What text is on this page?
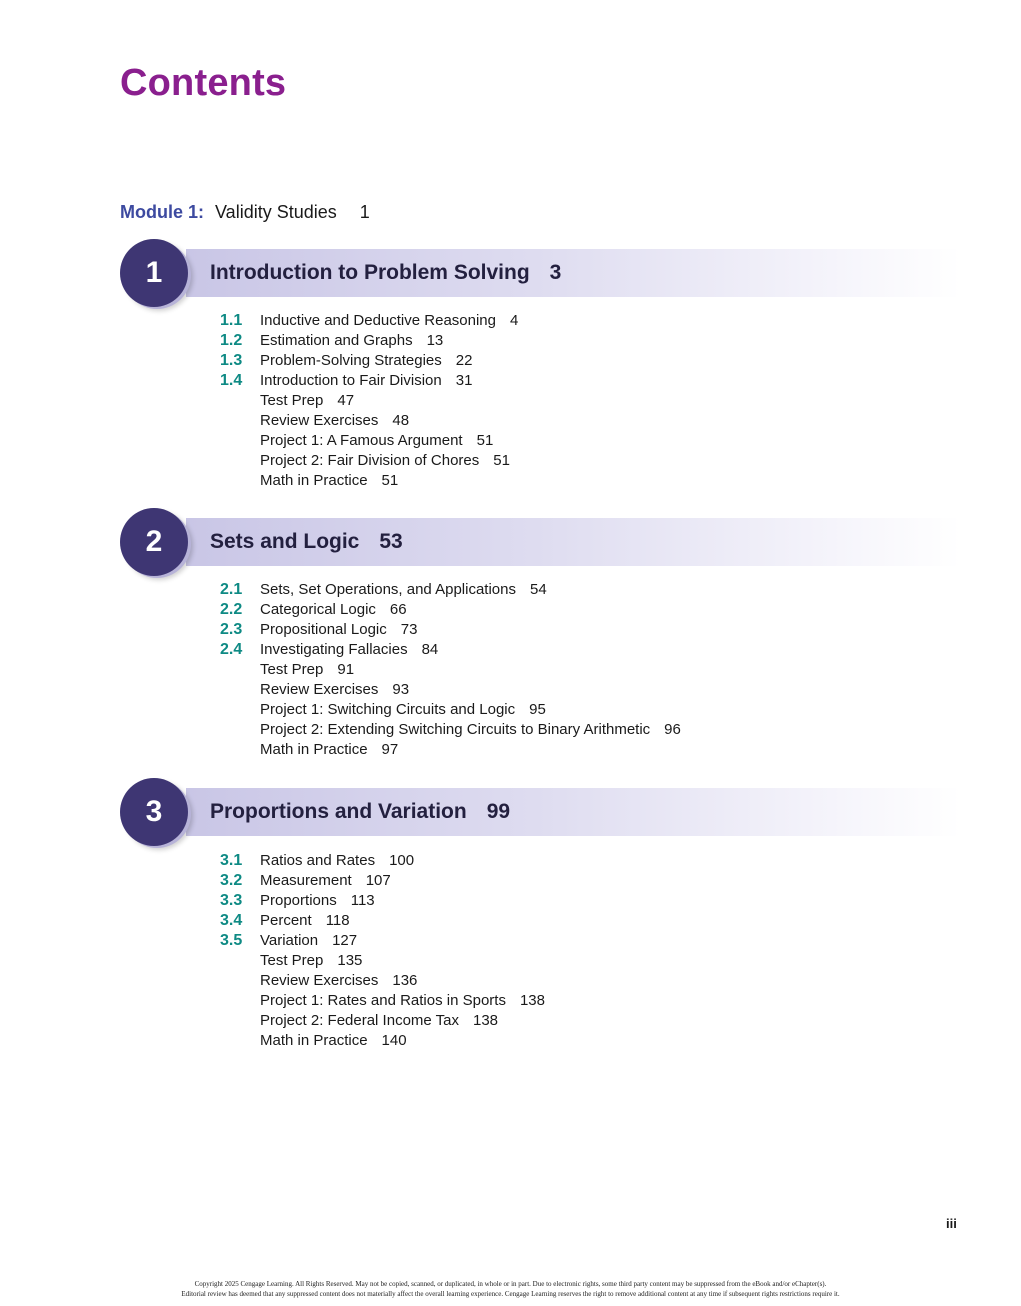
Contents
Module 1: Validity Studies 1
1	Introduction to Problem Solving 3
1.1 Inductive and Deductive Reasoning 4
1.2 Estimation and Graphs 13
1.3 Problem-Solving Strategies 22
1.4 Introduction to Fair Division 31
Test Prep 47
Review Exercises 48
Project 1: A Famous Argument 51
Project 2: Fair Division of Chores 51
Math in Practice 51
2	Sets and Logic 53
2.1 Sets, Set Operations, and Applications 54
2.2 Categorical Logic 66
2.3 Propositional Logic 73
2.4 Investigating Fallacies 84
Test Prep 91
Review Exercises 93
Project 1: Switching Circuits and Logic 95
Project 2: Extending Switching Circuits to Binary Arithmetic 96
Math in Practice 97
3	Proportions and Variation 99
3.1 Ratios and Rates 100
3.2 Measurement 107
3.3 Proportions 113
3.4 Percent 118
3.5 Variation 127
Test Prep 135
Review Exercises 136
Project 1: Rates and Ratios in Sports 138
Project 2: Federal Income Tax 138
Math in Practice 140
iii
Copyright 2025 Cengage Learning. All Rights Reserved. May not be copied, scanned, or duplicated, in whole or in part. Due to electronic rights, some third party content may be suppressed from the eBook and/or eChapter(s).
Editorial review has deemed that any suppressed content does not materially affect the overall learning experience. Cengage Learning reserves the right to remove additional content at any time if subsequent rights restrictions require it.
